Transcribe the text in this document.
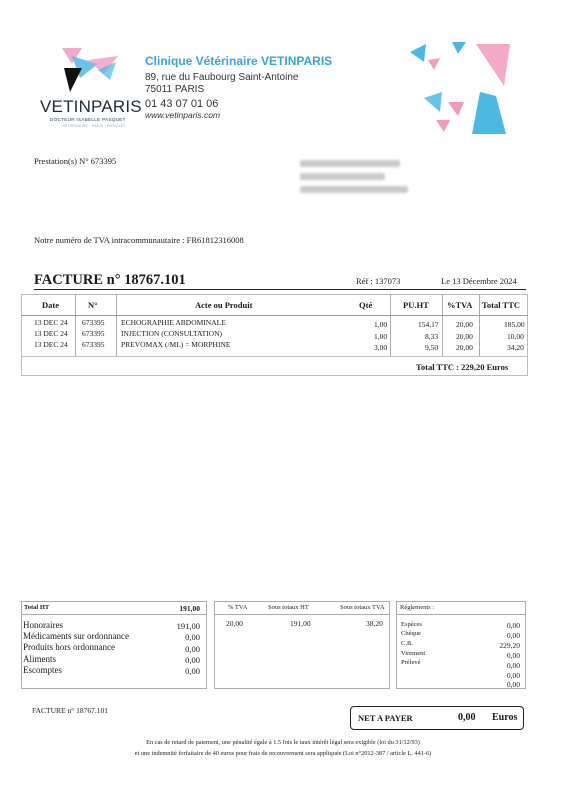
VETINPARIS
DOCTEUR ISABELLE PASQUET
VÉTÉRINAIRE · PARIS · PASQUET
Clinique Vétérinaire VETINPARIS
89, rue du Faubourg Saint-Antoine
75011 PARIS
01 43 07 01 06
www.vetinparis.com
Prestation(s) N° 673395
Notre numéro de TVA intracommunautaire : FR61812316008
FACTURE n° 18767.101	Réf : 137073	Le 13 Décembre 2024
Date	N°	Acte ou Produit	Qté	PU.HT %TVA Total TTC
13 DEC 24 673395 ECHOGRAPHIE ABDOMINALE	1,00	154,17 20,00	185,00
13 DEC 24 673395 INJECTION (CONSULTATION)	1,00	8,33 20,00	10,00
13 DEC 24 673395 PREVOMAX (/ML) = MORPHINE	3,00	9,50 20,00	34,20
Total TTC : 229,20 Euros
Total HT	191,00
Honoraires	191,00
Médicaments sur ordonnance	0,00
Produits hors ordonnance	0,00
Aliments	0,00
Escomptes	0,00
% TVA	Sous totaux HT	Sous totaux TVA
20,00	191,00	38,20
Réglements :
Espèces	0,00
Chèque	0,00
C.B.	229,20
Virement	0,00
Prélevé	0,00
0,00
0,00
FACTURE n° 18767.101
NET A PAYER	0,00 Euros
En cas de retard de paiement, une pénalité égale à 1.5 fois le taux intérêt légal sera exigible (loi du 31/12/93)
et une indemnité forfaitaire de 40 euros pour frais de recouvrement sera appliquée (Loi n°2012-387 / article L. 441-6)
